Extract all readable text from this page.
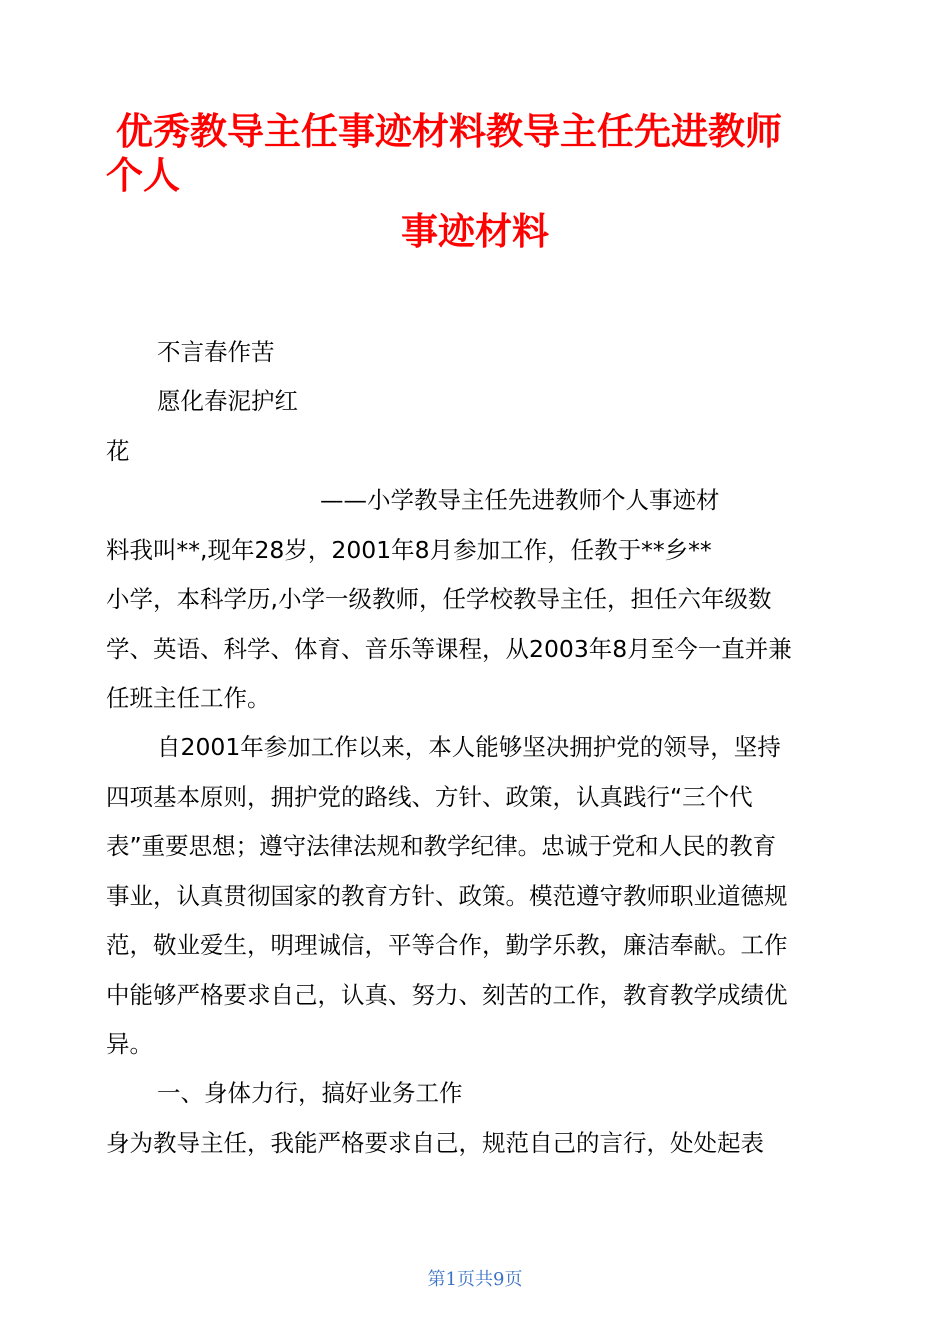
优秀教导主任事迹材料教导主任先进教师
个人
事迹材料
不言春作苦
愿化春泥护红
花
——小学教导主任先进教师个人事迹材
料我叫**,现年28岁，2001年8月参加工作，任教于**乡**
小学，本科学历,小学一级教师，任学校教导主任，担任六年级数
学、英语、科学、体育、音乐等课程，从2003年8月至今一直并兼
任班主任工作。
自2001年参加工作以来，本人能够坚决拥护党的领导，坚持
四项基本原则，拥护党的路线、方针、政策，认真践行“三个代
表”重要思想；遵守法律法规和教学纪律。忠诚于党和人民的教育
事业，认真贯彻国家的教育方针、政策。模范遵守教师职业道德规
范，敬业爱生，明理诚信，平等合作，勤学乐教，廉洁奉献。工作
中能够严格要求自己，认真、努力、刻苦的工作，教育教学成绩优
异。
一、身体力行，搞好业务工作
身为教导主任，我能严格要求自己，规范自己的言行，处处起表
第1页共9页
